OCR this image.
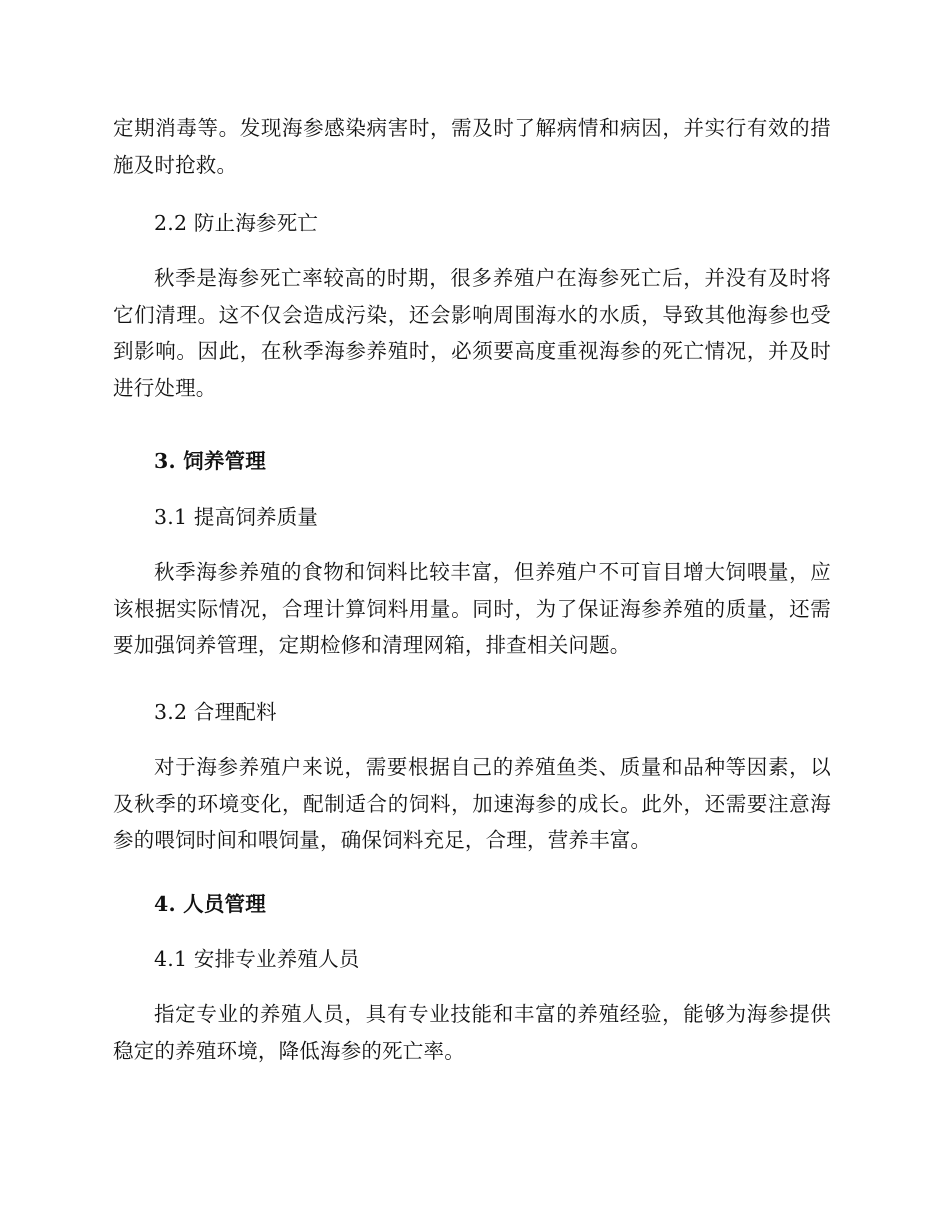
定期消毒等。发现海参感染病害时，需及时了解病情和病因，并实行有效的措施及时抢救。

2.2 防止海参死亡

秋季是海参死亡率较高的时期，很多养殖户在海参死亡后，并没有及时将它们清理。这不仅会造成污染，还会影响周围海水的水质，导致其他海参也受到影响。因此，在秋季海参养殖时，必须要高度重视海参的死亡情况，并及时进行处理。

3. 饲养管理

3.1 提高饲养质量

秋季海参养殖的食物和饲料比较丰富，但养殖户不可盲目增大饲喂量，应该根据实际情况，合理计算饲料用量。同时，为了保证海参养殖的质量，还需要加强饲养管理，定期检修和清理网箱，排查相关问题。

3.2 合理配料

对于海参养殖户来说，需要根据自己的养殖鱼类、质量和品种等因素，以及秋季的环境变化，配制适合的饲料，加速海参的成长。此外，还需要注意海参的喂饲时间和喂饲量，确保饲料充足，合理，营养丰富。

4. 人员管理

4.1 安排专业养殖人员

指定专业的养殖人员，具有专业技能和丰富的养殖经验，能够为海参提供稳定的养殖环境，降低海参的死亡率。
